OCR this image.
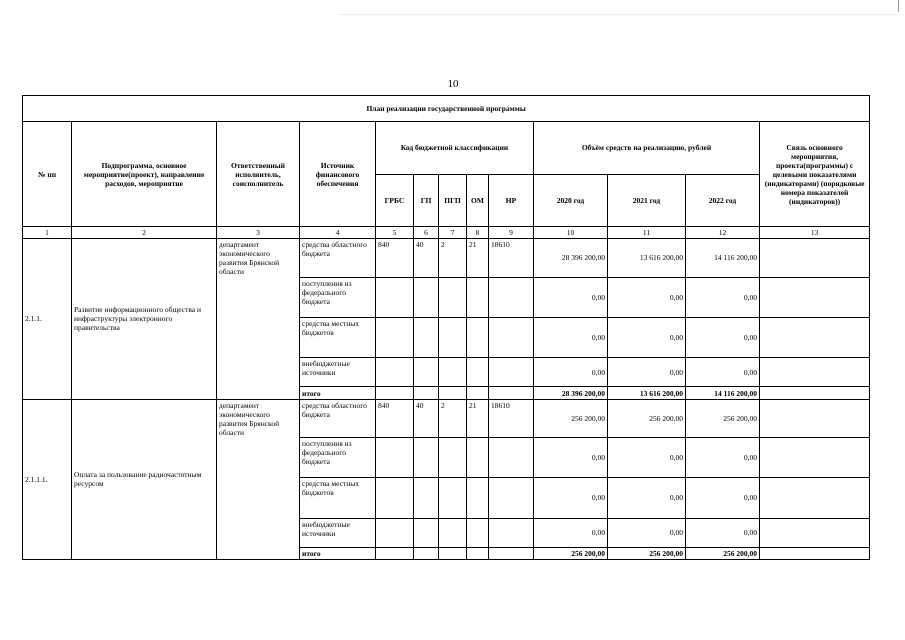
10
План реализации государственной программы												
№ пп	Подпрограмма, основное мероприятие(проект), направление расходов, мероприятие	Ответственный исполнитель, соисполнитель	Источник финансового обеспечения	Код бюджетной классификации					Объём средств на реализацию, рублей			Связь основного мероприятия, проекта(программы) с целевыми показателями (индикаторами) (порядковые номера показателей (индикаторов))
				ГРБС	ГП	ПГП	ОМ	НР	2020 год	2021 год	2022 год	
1	2	3	4	5	6	7	8	9	10	11	12	13
2.1.1.	Развитие информационного общества и инфраструктуры электронного правительства	департамент экономического развития Брянской области	средства областного бюджета	840	40	2	21	18610	28 396 200,00	13 616 200,00	14 116 200,00	
			поступления из федерального бюджета						0,00	0,00	0,00	
			средства местных бюджетов						0,00	0,00	0,00	
			внебюджетные источники						0,00	0,00	0,00	
			итого						28 396 200,00	13 616 200,00	14 116 200,00	
2.1.1.1.	Оплата за пользование радиочастотным ресурсом	департамент экономического развития Брянской области	средства областного бюджета	840	40	2	21	18610	256 200,00	256 200,00	256 200,00	
			поступления из федерального бюджета						0,00	0,00	0,00	
			средства местных бюджетов						0,00	0,00	0,00	
			внебюджетные источники						0,00	0,00	0,00	
			итого						256 200,00	256 200,00	256 200,00	
